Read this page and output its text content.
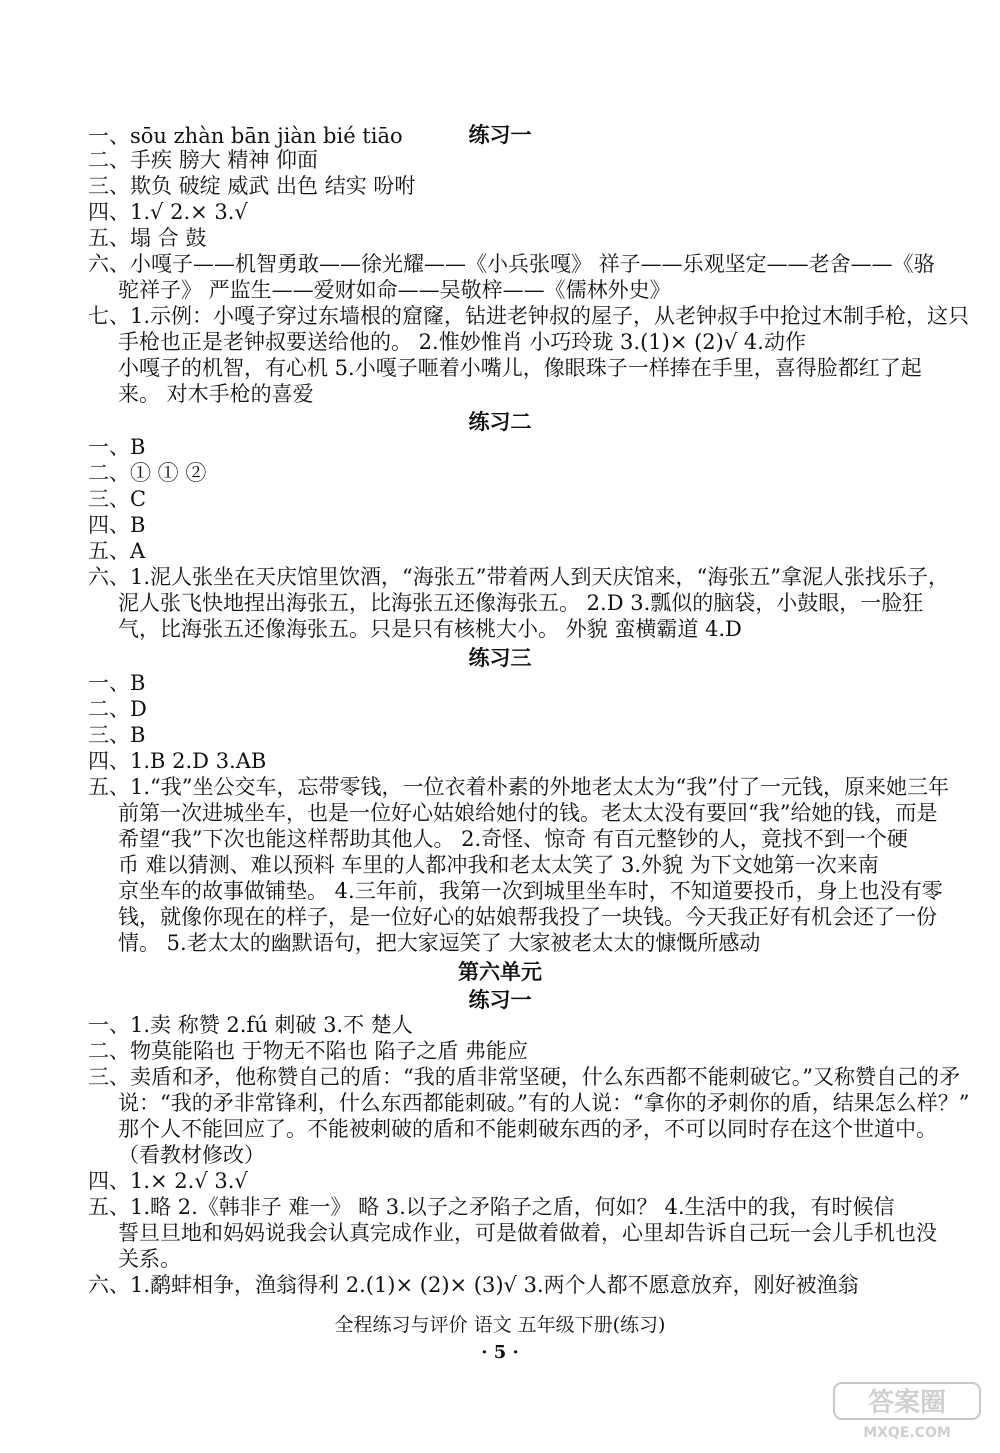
练习一
一、sōu zhàn bān jiàn bié tiāo
二、手疾 膀大 精神 仰面
三、欺负 破绽 威武 出色 结实 吩咐
四、1.√ 2.× 3.√
五、塌 合 鼓
六、小嘎子——机智勇敢——徐光耀——《小兵张嘎》 祥子——乐观坚定——老舍——《骆
驼祥子》 严监生——爱财如命——吴敬梓——《儒林外史》
七、1.示例：小嘎子穿过东墙根的窟窿，钻进老钟叔的屋子，从老钟叔手中抢过木制手枪，这只
手枪也正是老钟叔要送给他的。 2.惟妙惟肖 小巧玲珑 3.(1)× (2)√ 4.动作
小嘎子的机智，有心机 5.小嘎子咂着小嘴儿，像眼珠子一样捧在手里，喜得脸都红了起
来。 对木手枪的喜爱
练习二
一、B
二、① ① ②
三、C
四、B
五、A
六、1.泥人张坐在天庆馆里饮酒，“海张五”带着两人到天庆馆来，“海张五”拿泥人张找乐子，
泥人张飞快地捏出海张五，比海张五还像海张五。 2.D 3.瓢似的脑袋，小鼓眼，一脸狂
气，比海张五还像海张五。只是只有核桃大小。 外貌 蛮横霸道 4.D
练习三
一、B
二、D
三、B
四、1.B 2.D 3.AB
五、1.“我”坐公交车，忘带零钱，一位衣着朴素的外地老太太为“我”付了一元钱，原来她三年
前第一次进城坐车，也是一位好心姑娘给她付的钱。老太太没有要回“我”给她的钱，而是
希望“我”下次也能这样帮助其他人。 2.奇怪、惊奇 有百元整钞的人，竟找不到一个硬
币 难以猜测、难以预料 车里的人都冲我和老太太笑了 3.外貌 为下文她第一次来南
京坐车的故事做铺垫。 4.三年前，我第一次到城里坐车时，不知道要投币，身上也没有零
钱，就像你现在的样子，是一位好心的姑娘帮我投了一块钱。今天我正好有机会还了一份
情。 5.老太太的幽默语句，把大家逗笑了 大家被老太太的慷慨所感动
第六单元
练习一
一、1.卖 称赞 2.fú 刺破 3.不 楚人
二、物莫能陷也 于物无不陷也 陷子之盾 弗能应
三、卖盾和矛，他称赞自己的盾：“我的盾非常坚硬，什么东西都不能刺破它。”又称赞自己的矛
说：“我的矛非常锋利，什么东西都能刺破。”有的人说：“拿你的矛刺你的盾，结果怎么样？”
那个人不能回应了。不能被刺破的盾和不能刺破东西的矛，不可以同时存在这个世道中。
（看教材修改）
四、1.× 2.√ 3.√
五、1.略 2.《韩非子 难一》 略 3.以子之矛陷子之盾，何如？ 4.生活中的我，有时候信
誓旦旦地和妈妈说我会认真完成作业，可是做着做着，心里却告诉自己玩一会儿手机也没
关系。
六、1.鹬蚌相争，渔翁得利 2.(1)× (2)× (3)√ 3.两个人都不愿意放弃，刚好被渔翁
全程练习与评价 语文 五年级下册(练习)
· 5 ·
答案圈
MXQE.COM
